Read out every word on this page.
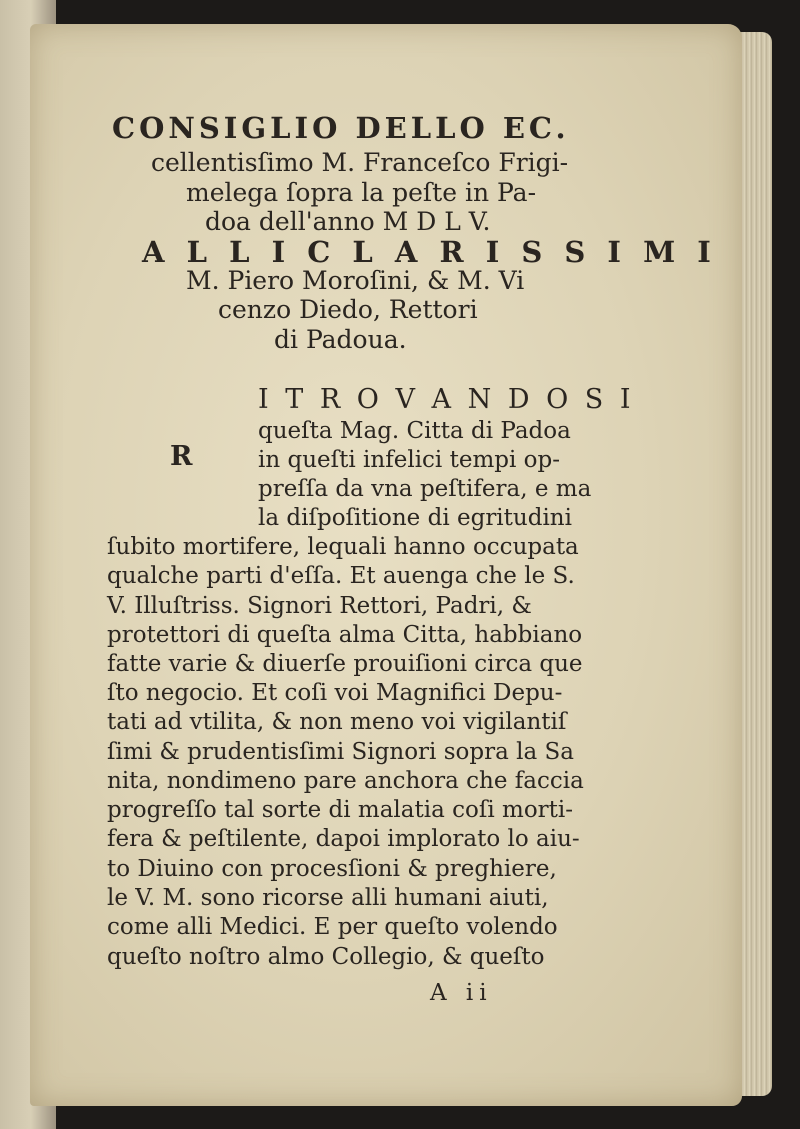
CONSIGLIO DELLO EC.

cellentisſimo M. Franceſco Frigi-

melega ſopra la peſte in Pa-

doa dell'anno M D L V.

A L L I C L A R I S S I M I

M. Piero Moroſini, & M. Vi

cenzo Diedo, Rettori

di Padoua.

R

I T R O V A N D O S I

queſta Mag. Citta di Padoa

in queſti infelici tempi op-

preſſa da vna peſtifera, e ma

la diſpoſitione di egritudini

ſubito mortifere, lequali hanno occupata

qualche parti d'eſſa. Et auenga che le S.

V. Illuſtriss. Signori Rettori, Padri, &

protettori di queſta alma Citta, habbiano

fatte varie & diuerſe prouiſioni circa que

ſto negocio. Et coſi voi Magnifici Depu-

tati ad vtilita, & non meno voi vigilantiſ

ſimi & prudentisſimi Signori sopra la Sa

nita, nondimeno pare anchora che faccia

progreſſo tal sorte di malatia coſi morti-

fera & peſtilente, dapoi implorato lo aiu-

to Diuino con procesſioni & preghiere,

le V. M. sono ricorse alli humani aiuti,

come alli Medici. E per queſto volendo

queſto noſtro almo Collegio, & queſto

A ii
